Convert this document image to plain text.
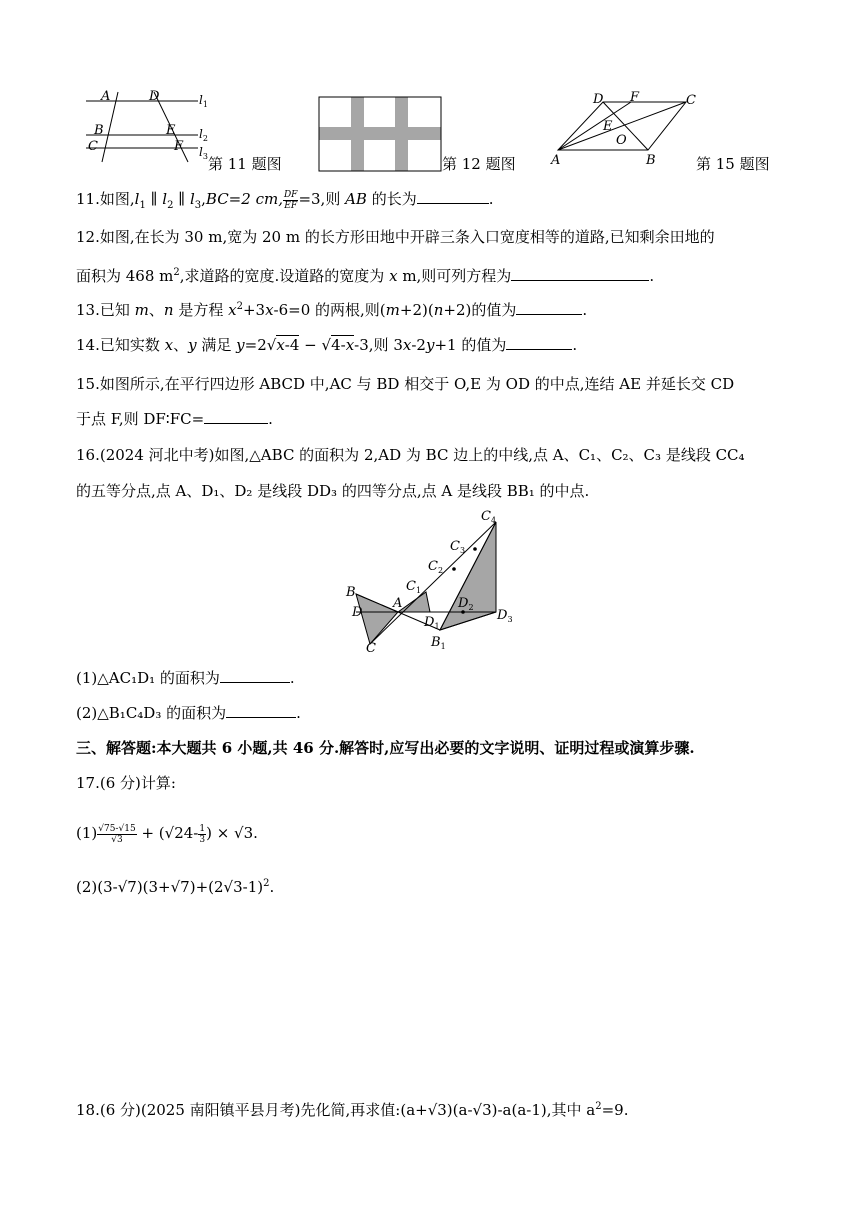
A	D
B	E
C	F
$l_1$
$l_2$
$l_3$ 第 11 题图	第 12 题图
D F	C
E
O
A	B	第 15 题图
11.如图$,l_1$ ∥ $l_2$ ∥ $l_3,BC=2$ cm, $\frac{DF}{EF} =3$,则 AB 的长为	.
12.如图,在长为 30 m,宽为 20 m 的长方形田地中开辟三条入口宽度相等的道路,已知剩余田地的
面积为 468 $m^2$,求道路的宽度.设道路的宽度为 x m,则可列方程为	.
13.已知 m、n 是方程 $x^2+3x-6=0$ 的两根,则(m+2)(n+2)的值为	.
14.已知实数 x、y 满足 y=2√x-4 − √4-x-3,则 3x-2y+1 的值为	.
15.如图所示,在平行四边形 ABCD 中,AC 与 BD 相交于 O,E 为 OD 的中点,连结 AE 并延长交 CD
于点 F,则 DF∶FC=	.
16.(2024 河北中考)如图,△ABC 的面积为 2,AD 为 BC 边上的中线,点 A、C₁、C₂、C₃ 是线段 CC₄
的五等分点,点 A、D₁、D₂ 是线段 DD₃ 的四等分点,点 A 是线段 BB₁ 的中点.
B
D
C
A
$C_1$
$C_2$
$C_3$
$C_4$
$D_1$
$D_2$
$D_3$
$B_1$
(1)△AC₁D₁ 的面积为	.
(2)△B₁C₄D₃ 的面积为	.
三、解答题:本大题共 6 小题,共 46 分.解答时,应写出必要的文字说明、证明过程或演算步骤.
17.(6 分)计算:
$(1) \frac{√75-√15}{√3} + (√24- \frac{1}{3}$ ) × √3.
$(2)(3-√7)(3+√7)+(2√3-1)^2$.
18.(6 分)(2025 南阳镇平县月考)先化简,再求值:(a+√3)(a-√3)-a(a-1),其中 $a^2=9$.
